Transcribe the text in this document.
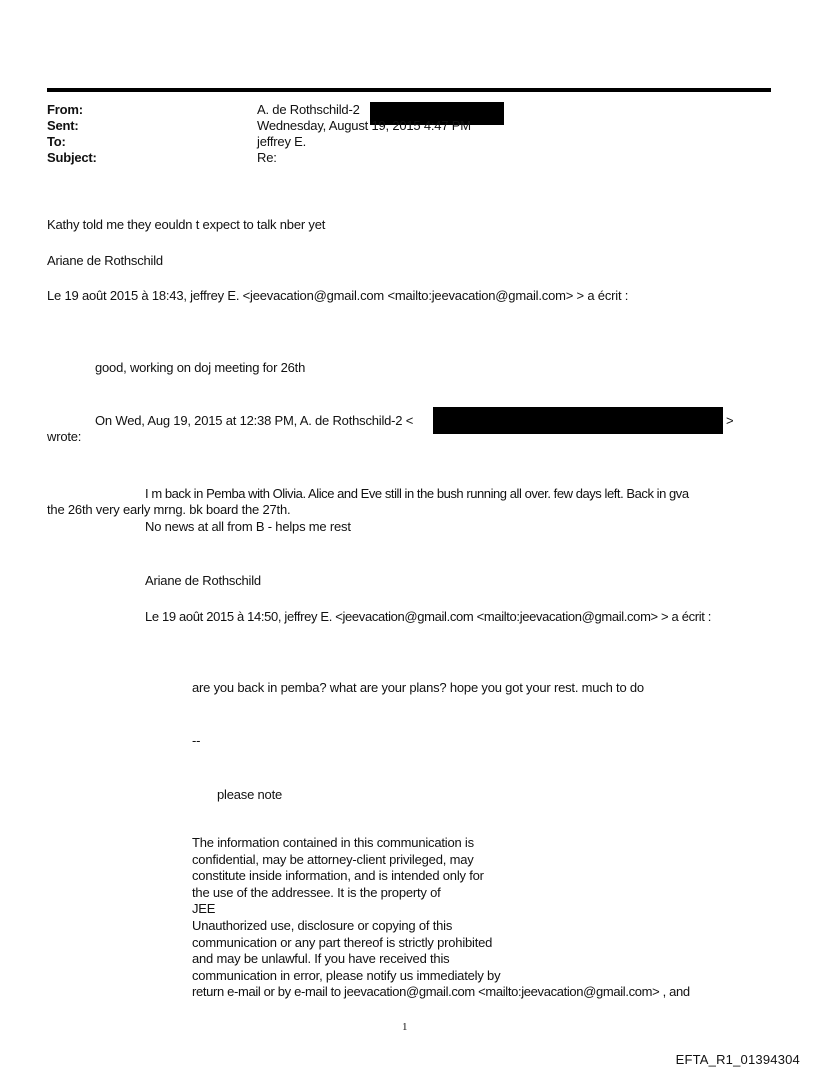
From:	A. de Rothschild-2
Sent:	Wednesday, August 19, 2015 4:47 PM
To:	jeffrey E.
Subject:	Re:
Kathy told me they eouldn t expect to talk nber yet
Ariane de Rothschild
Le 19 août 2015 à 18:43, jeffrey E. <jeevacation@gmail.com <mailto:jeevacation@gmail.com> > a écrit :
good, working on doj meeting for 26th
On Wed, Aug 19, 2015 at 12:38 PM, A. de Rothschild-2 <	>
wrote:
I m back in Pemba with Olivia. Alice and Eve still in the bush running all over. few days left. Back in gva
the 26th very early mrng. bk board the 27th.
No news at all from B - helps me rest
Ariane de Rothschild
Le 19 août 2015 à 14:50, jeffrey E. <jeevacation@gmail.com <mailto:jeevacation@gmail.com> > a écrit :
are you back in pemba? what are your plans? hope you got your rest. much to do
--
please note
The information contained in this communication is
confidential, may be attorney-client privileged, may
constitute inside information, and is intended only for
the use of the addressee. It is the property of
JEE
Unauthorized use, disclosure or copying of this
communication or any part thereof is strictly prohibited
and may be unlawful. If you have received this
communication in error, please notify us immediately by
return e-mail or by e-mail to jeevacation@gmail.com <mailto:jeevacation@gmail.com> , and
1
EFTA_R1_01394304
